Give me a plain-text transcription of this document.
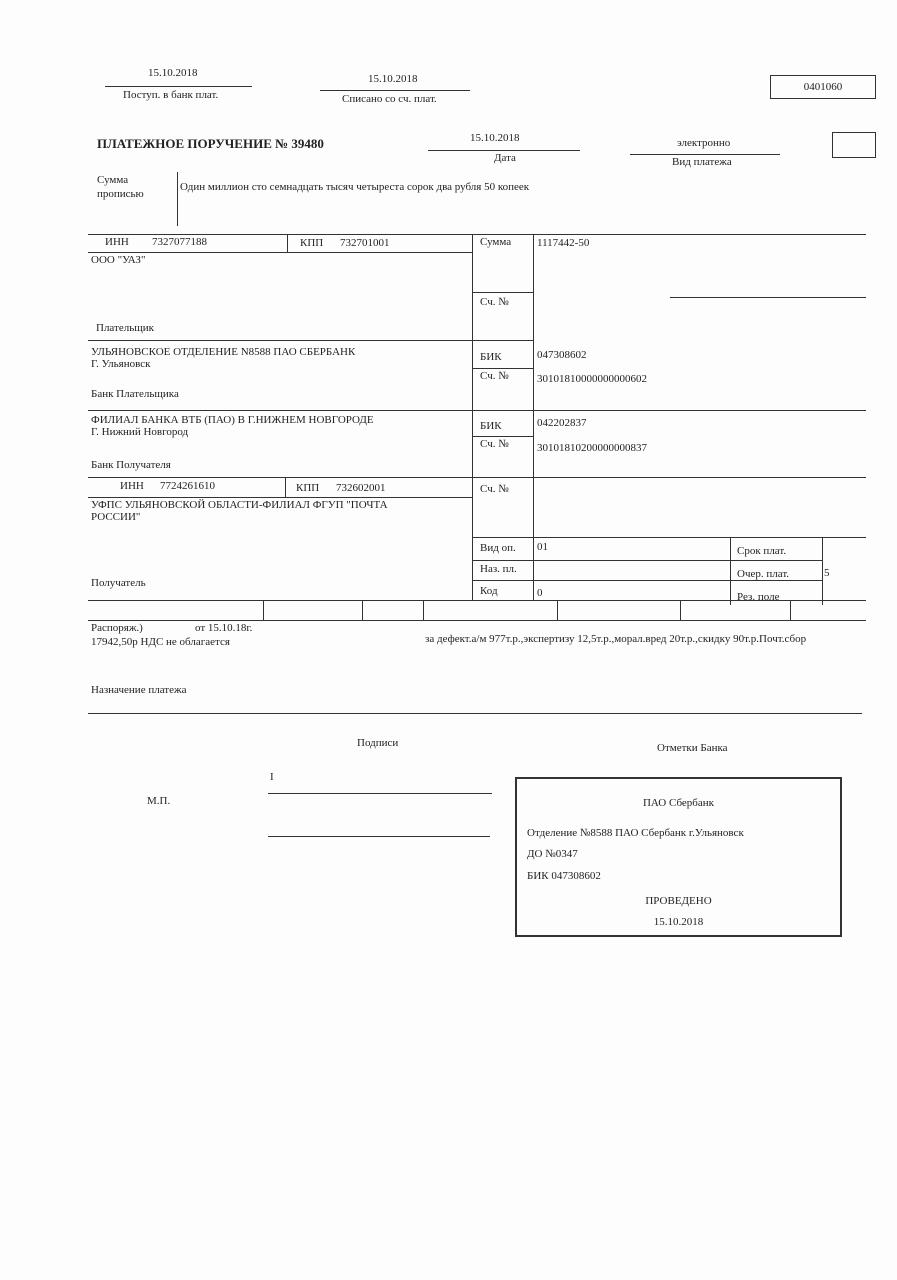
15.10.2018
Поступ. в банк плат.
15.10.2018
Списано со сч. плат.
0401060
ПЛАТЕЖНОЕ ПОРУЧЕНИЕ № 39480	15.10.2018
Дата
электронно
Вид платежа
Сумма
прописью
Один миллион сто семнадцать тысяч четыреста сорок два рубля 50 копеек
ИНН 7327077188	КПП 732701001
ООО "УАЗ"
Плательщик
Сумма 1117442-50
Сч. №
УЛЬЯНОВСКОЕ ОТДЕЛЕНИЕ N8588 ПАО СБЕРБАНК
Г. Ульяновск
Банк Плательщика
БИК	047308602
Сч. №	30101810000000000602
ФИЛИАЛ БАНКА ВТБ (ПАО) В Г.НИЖНЕМ НОВГОРОДЕ
Г. Нижний Новгород
Банк Получателя
БИК	042202837
Сч. №	30101810200000000837
ИНН 7724261610	КПП 732602001
УФПС УЛЬЯНОВСКОЙ ОБЛАСТИ-ФИЛИАЛ ФГУП "ПОЧТА
РОССИИ"
Получатель
Сч. №
Вид оп. 01
Наз. пл.
Код	0
Срок плат.
Очер. плат.	5
Рез. поле
Распоряж.)	от 15.10.18г.
за дефект.а/м 977т.р.,экспертизу 12,5т.р.,морал.вред 20т.р.,скидку 90т.р.Почт.сбор
17942,50р НДС не облагается
Назначение платежа
Подписи	Отметки Банка
М.П.
I
ПАО Сбербанк
Отделение №8588 ПАО Сбербанк г.Ульяновск
ДО №0347
БИК 047308602
ПРОВЕДЕНО
15.10.2018
